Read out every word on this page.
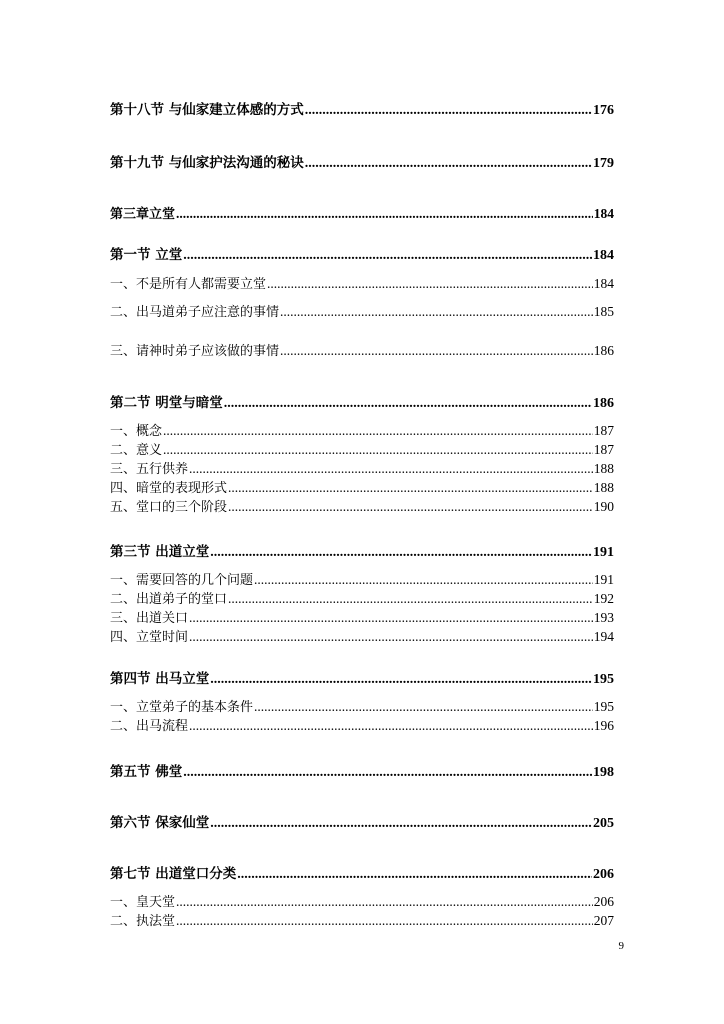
第十八节 与仙家建立体感的方式 .....	176
第十九节 与仙家护法沟通的秘诀 .....	179
第三章立堂 .....	184
第一节 立堂 .....	184
一、不是所有人都需要立堂 .....	184
二、出马道弟子应注意的事情 .....	185
三、请神时弟子应该做的事情 .....	186
第二节 明堂与暗堂 .....	186
一、概念 .....	187
二、意义 .....	187
三、五行供养 .....	188
四、暗堂的表现形式 .....	188
五、堂口的三个阶段 .....	190
第三节 出道立堂 .....	191
一、需要回答的几个问题 .....	191
二、出道弟子的堂口 .....	192
三、出道关口 .....	193
四、立堂时间 .....	194
第四节 出马立堂 .....	195
一、立堂弟子的基本条件 .....	195
二、出马流程 .....	196
第五节 佛堂 .....	198
第六节 保家仙堂 .....	205
第七节 出道堂口分类 .....	206
一、皇天堂 .....	206
二、执法堂 .....	207
9
